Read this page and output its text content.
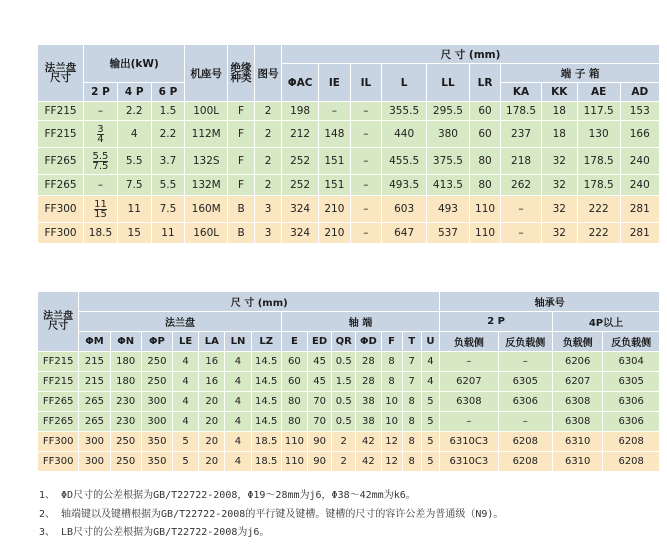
法兰盘
尺寸	输出(kW)			机座号	绝缘
种类	图号	尺 寸 (mm)									
							ΦAC	IE	IL	L	LL	LR	端 子 箱			
	2 P	4 P	6 P										KA	KK	AE	AD
FF215	–	2.2	1.5	100L	F	2	198	–	–	355.5	295.5	60	178.5	18	117.5	153
FF215	$\frac{3}{4}$	4	2.2	112M	F	2	212	148	–	440	380	60	237	18	130	166
FF265	$\frac{5.5}{7.5}$	5.5	3.7	132S	F	2	252	151	–	455.5	375.5	80	218	32	178.5	240
FF265	–	7.5	5.5	132M	F	2	252	151	–	493.5	413.5	80	262	32	178.5	240
FF300	$\frac{11}{15}$	11	7.5	160M	B	3	324	210	–	603	493	110	–	32	222	281
FF300	18.5	15	11	160L	B	3	324	210	–	647	537	110	–	32	222	281
法兰盘
尺寸	尺 寸 (mm)														轴承号			
	法兰盘							轴 端							2 P		4P以上	
	ΦM	ΦN	ΦP	LE	LA	LN	LZ	E	ED	QR	ΦD	F	T	U	负载侧	反负载侧	负载侧	反负载侧
FF215	215	180	250	4	16	4	14.5	60	45	0.5	28	8	7	4	–	–	6206	6304
FF215	215	180	250	4	16	4	14.5	60	45	1.5	28	8	7	4	6207	6305	6207	6305
FF265	265	230	300	4	20	4	14.5	80	70	0.5	38	10	8	5	6308	6306	6308	6306
FF265	265	230	300	4	20	4	14.5	80	70	0.5	38	10	8	5	–	–	6308	6306
FF300	300	250	350	5	20	4	18.5	110	90	2	42	12	8	5	6310C3	6208	6310	6208
FF300	300	250	350	5	20	4	18.5	110	90	2	42	12	8	5	6310C3	6208	6310	6208
1、 ΦD尺寸的公差根据为GB/T22722-2008，Φ19～28mm为j6，Φ38～42mm为k6。
2、 轴端键以及键槽根据为GB/T22722-2008的平行键及键槽。键槽的尺寸的容许公差为普通级（N9)。
3、 LB尺寸的公差根据为GB/T22722-2008为j6。
